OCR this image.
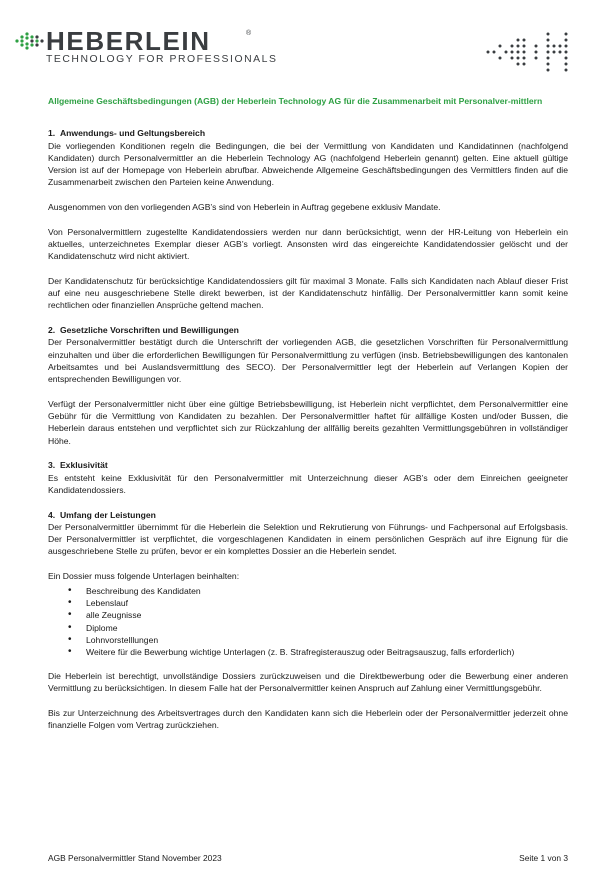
HEBERLEIN	®
TECHNOLOGY FOR PROFESSIONALS
Allgemeine Geschäftsbedingungen (AGB) der Heberlein Technology AG für die Zusammenarbeit mit Personalver-mittlern
1.  Anwendungs- und Geltungsbereich

Die vorliegenden Konditionen regeln die Bedingungen, die bei der Vermittlung von Kandidaten und Kandidatinnen (nachfolgend Kandidaten) durch Personalvermittler an die Heberlein Technology AG (nachfolgend Heberlein genannt) gelten. Eine aktuell gültige Version ist auf der Homepage von Heberlein abrufbar. Abweichende Allgemeine Geschäftsbedingungen des Vermittlers finden auf die Zusammenarbeit zwischen den Parteien keine Anwendung.

Ausgenommen von den vorliegenden AGB’s sind von Heberlein in Auftrag gegebene exklusiv Mandate.

Von Personalvermittlern zugestellte Kandidatendossiers werden nur dann berücksichtigt, wenn der HR-Leitung von Heberlein ein aktuelles, unterzeichnetes Exemplar dieser AGB’s vorliegt. Ansonsten wird das eingereichte Kandidatendossier gelöscht und der Kandidatenschutz wird nicht aktiviert.

Der Kandidatenschutz für berücksichtige Kandidatendossiers gilt für maximal 3 Monate. Falls sich Kandidaten nach Ablauf dieser Frist auf eine neu ausgeschriebene Stelle direkt bewerben, ist der Kandidatenschutz hinfällig. Der Personalvermittler kann somit keine rechtlichen oder finanziellen Ansprüche geltend machen.

2.  Gesetzliche Vorschriften und Bewilligungen

Der Personalvermittler bestätigt durch die Unterschrift der vorliegenden AGB, die gesetzlichen Vorschriften für Personalvermittlung einzuhalten und über die erforderlichen Bewilligungen für Personalvermittlung zu verfügen (insb. Betriebsbewilligungen des kantonalen Arbeitsamtes und bei Auslandsvermittlung des SECO). Der Personalvermittler legt der Heberlein auf Verlangen Kopien der entsprechenden Bewilligungen vor.

Verfügt der Personalvermittler nicht über eine gültige Betriebsbewilligung, ist Heberlein nicht verpflichtet, dem Personalvermittler eine Gebühr für die Vermittlung von Kandidaten zu bezahlen. Der Personalvermittler haftet für allfällige Kosten und/oder Bussen, die Heberlein daraus entstehen und verpflichtet sich zur Rückzahlung der allfällig bereits gezahlten Vermittlungsgebühren in vollständiger Höhe.

3.  Exklusivität

Es entsteht keine Exklusivität für den Personalvermittler mit Unterzeichnung dieser AGB’s oder dem Einreichen geeigneter Kandidatendossiers.

4.  Umfang der Leistungen

Der Personalvermittler übernimmt für die Heberlein die Selektion und Rekrutierung von Führungs- und Fachpersonal auf Erfolgsbasis. Der Personalvermittler ist verpflichtet, die vorgeschlagenen Kandidaten in einem persönlichen Gespräch auf ihre Eignung für die ausgeschriebene Stelle zu prüfen, bevor er ein komplettes Dossier an die Heberlein sendet.

Ein Dossier muss folgende Unterlagen beinhalten:

• Beschreibung des Kandidaten
• Lebenslauf
• alle Zeugnisse
• Diplome
• Lohnvorstelllungen
• Weitere für die Bewerbung wichtige Unterlagen (z. B. Strafregisterauszug oder Beitragsauszug, falls erforderlich)

Die Heberlein ist berechtigt, unvollständige Dossiers zurückzuweisen und die Direktbewerbung oder die Bewerbung einer anderen Vermittlung zu berücksichtigen. In diesem Falle hat der Personalvermittler keinen Anspruch auf Zahlung einer Vermittlungsgebühr.

Bis zur Unterzeichnung des Arbeitsvertrages durch den Kandidaten kann sich die Heberlein oder der Personalvermittler jederzeit ohne finanzielle Folgen vom Vertrag zurückziehen.

AGB Personalvermittler Stand November 2023	Seite 1 von 3
